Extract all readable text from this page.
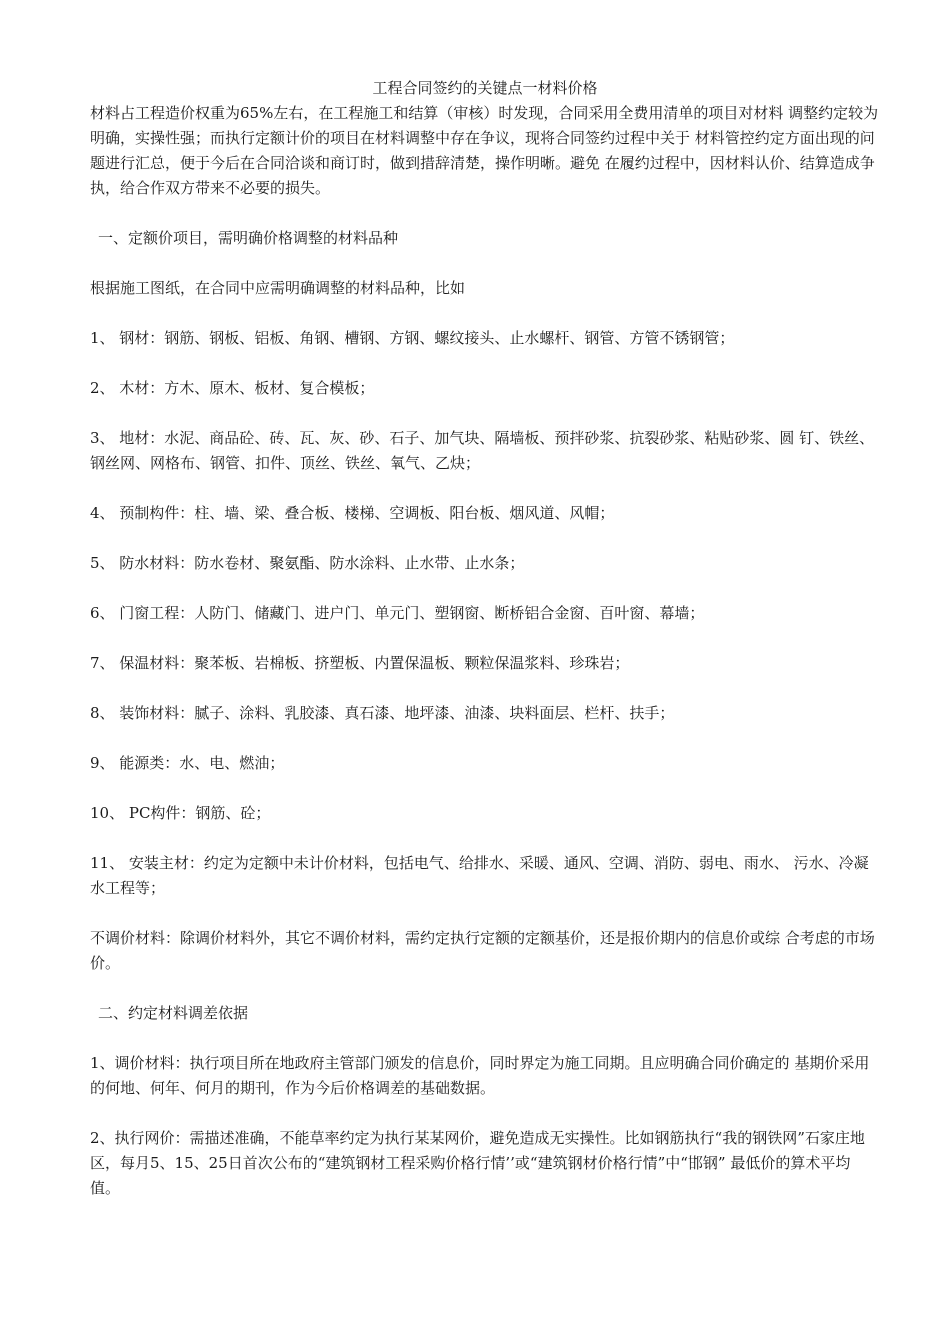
工程合同签约的关键点一材料价格

材料占工程造价权重为65%左右，在工程施工和结算（审核）时发现，合同采用全费用清单的项目对材料 调整约定较为明确，实操性强；而执行定额计价的项目在材料调整中存在争议，现将合同签约过程中关于 材料管控约定方面出现的问题进行汇总，便于今后在合同洽谈和商订时，做到措辞清楚，操作明晰。避免 在履约过程中，因材料认价、结算造成争执，给合作双方带来不必要的损失。

一、定额价项目，需明确价格调整的材料品种

根据施工图纸，在合同中应需明确调整的材料品种，比如

1、 钢材：钢筋、钢板、铝板、角钢、槽钢、方钢、螺纹接头、止水螺杆、钢管、方管不锈钢管；

2、 木材：方木、原木、板材、复合模板；

3、 地材：水泥、商品砼、砖、瓦、灰、砂、石子、加气块、隔墙板、预拌砂浆、抗裂砂浆、粘贴砂浆、圆 钉、铁丝、钢丝网、网格布、钢管、扣件、顶丝、铁丝、氧气、乙炔；

4、 预制构件：柱、墙、梁、叠合板、楼梯、空调板、阳台板、烟风道、风帽；

5、 防水材料：防水卷材、聚氨酯、防水涂料、止水带、止水条；

6、 门窗工程：人防门、储藏门、进户门、单元门、塑钢窗、断桥铝合金窗、百叶窗、幕墙；

7、 保温材料：聚苯板、岩棉板、挤塑板、内置保温板、颗粒保温浆料、珍珠岩；

8、 装饰材料：腻子、涂料、乳胶漆、真石漆、地坪漆、油漆、块料面层、栏杆、扶手；

9、 能源类：水、电、燃油；

10、 PC构件：钢筋、砼；

11、 安装主材：约定为定额中未计价材料，包括电气、给排水、采暖、通风、空调、消防、弱电、雨水、 污水、冷凝水工程等；

不调价材料：除调价材料外，其它不调价材料，需约定执行定额的定额基价，还是报价期内的信息价或综 合考虑的市场价。

二、约定材料调差依据

1、调价材料：执行项目所在地政府主管部门颁发的信息价，同时界定为施工同期。且应明确合同价确定的 基期价采用的何地、何年、何月的期刊，作为今后价格调差的基础数据。

2、执行网价：需描述准确，不能草率约定为执行某某网价，避免造成无实操性。比如钢筋执行“我的钢铁网”石家庄地区，每月5、15、25日首次公布的“建筑钢材工程采购价格行情’’或“建筑钢材价格行情”中“邯钢” 最低价的算术平均值。
